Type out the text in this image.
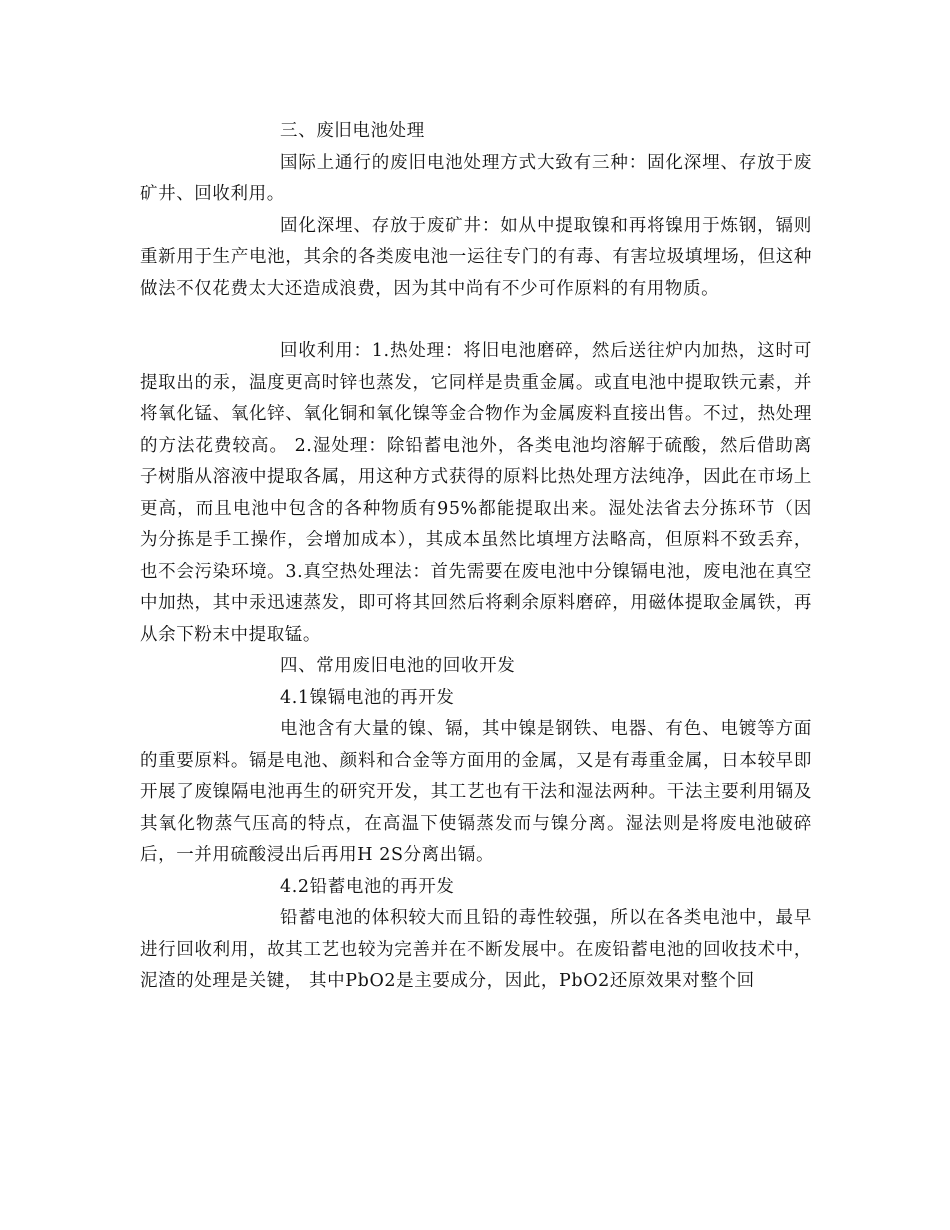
三、废旧电池处理

国际上通行的废旧电池处理方式大致有三种：固化深埋、存放于废矿井、回收利用。

固化深埋、存放于废矿井：如从中提取镍和再将镍用于炼钢，镉则重新用于生产电池，其余的各类废电池一运往专门的有毒、有害垃圾填埋场，但这种做法不仅花费太大还造成浪费，因为其中尚有不少可作原料的有用物质。

回收利用：1.热处理：将旧电池磨碎，然后送往炉内加热，这时可提取出的汞，温度更高时锌也蒸发，它同样是贵重金属。或直电池中提取铁元素，并将氧化锰、氧化锌、氧化铜和氧化镍等金合物作为金属废料直接出售。不过，热处理的方法花费较高。 2.湿处理：除铅蓄电池外，各类电池均溶解于硫酸，然后借助离子树脂从溶液中提取各属，用这种方式获得的原料比热处理方法纯净，因此在市场上更高，而且电池中包含的各种物质有95%都能提取出来。湿处法省去分拣环节（因为分拣是手工操作，会增加成本），其成本虽然比填埋方法略高，但原料不致丢弃，也不会污染环境。3.真空热处理法：首先需要在废电池中分镍镉电池，废电池在真空中加热，其中汞迅速蒸发，即可将其回然后将剩余原料磨碎，用磁体提取金属铁，再从余下粉末中提取锰。

四、常用废旧电池的回收开发

4.1镍镉电池的再开发

电池含有大量的镍、镉，其中镍是钢铁、电器、有色、电镀等方面的重要原料。镉是电池、颜料和合金等方面用的金属，又是有毒重金属，日本较早即开展了废镍隔电池再生的研究开发，其工艺也有干法和湿法两种。干法主要利用镉及其氧化物蒸气压高的特点，在高温下使镉蒸发而与镍分离。湿法则是将废电池破碎后，一并用硫酸浸出后再用H 2S分离出镉。

4.2铅蓄电池的再开发

铅蓄电池的体积较大而且铅的毒性较强，所以在各类电池中，最早进行回收利用，故其工艺也较为完善并在不断发展中。在废铅蓄电池的回收技术中，泥渣的处理是关键， 其中PbO2是主要成分，因此，PbO2还原效果对整个回
